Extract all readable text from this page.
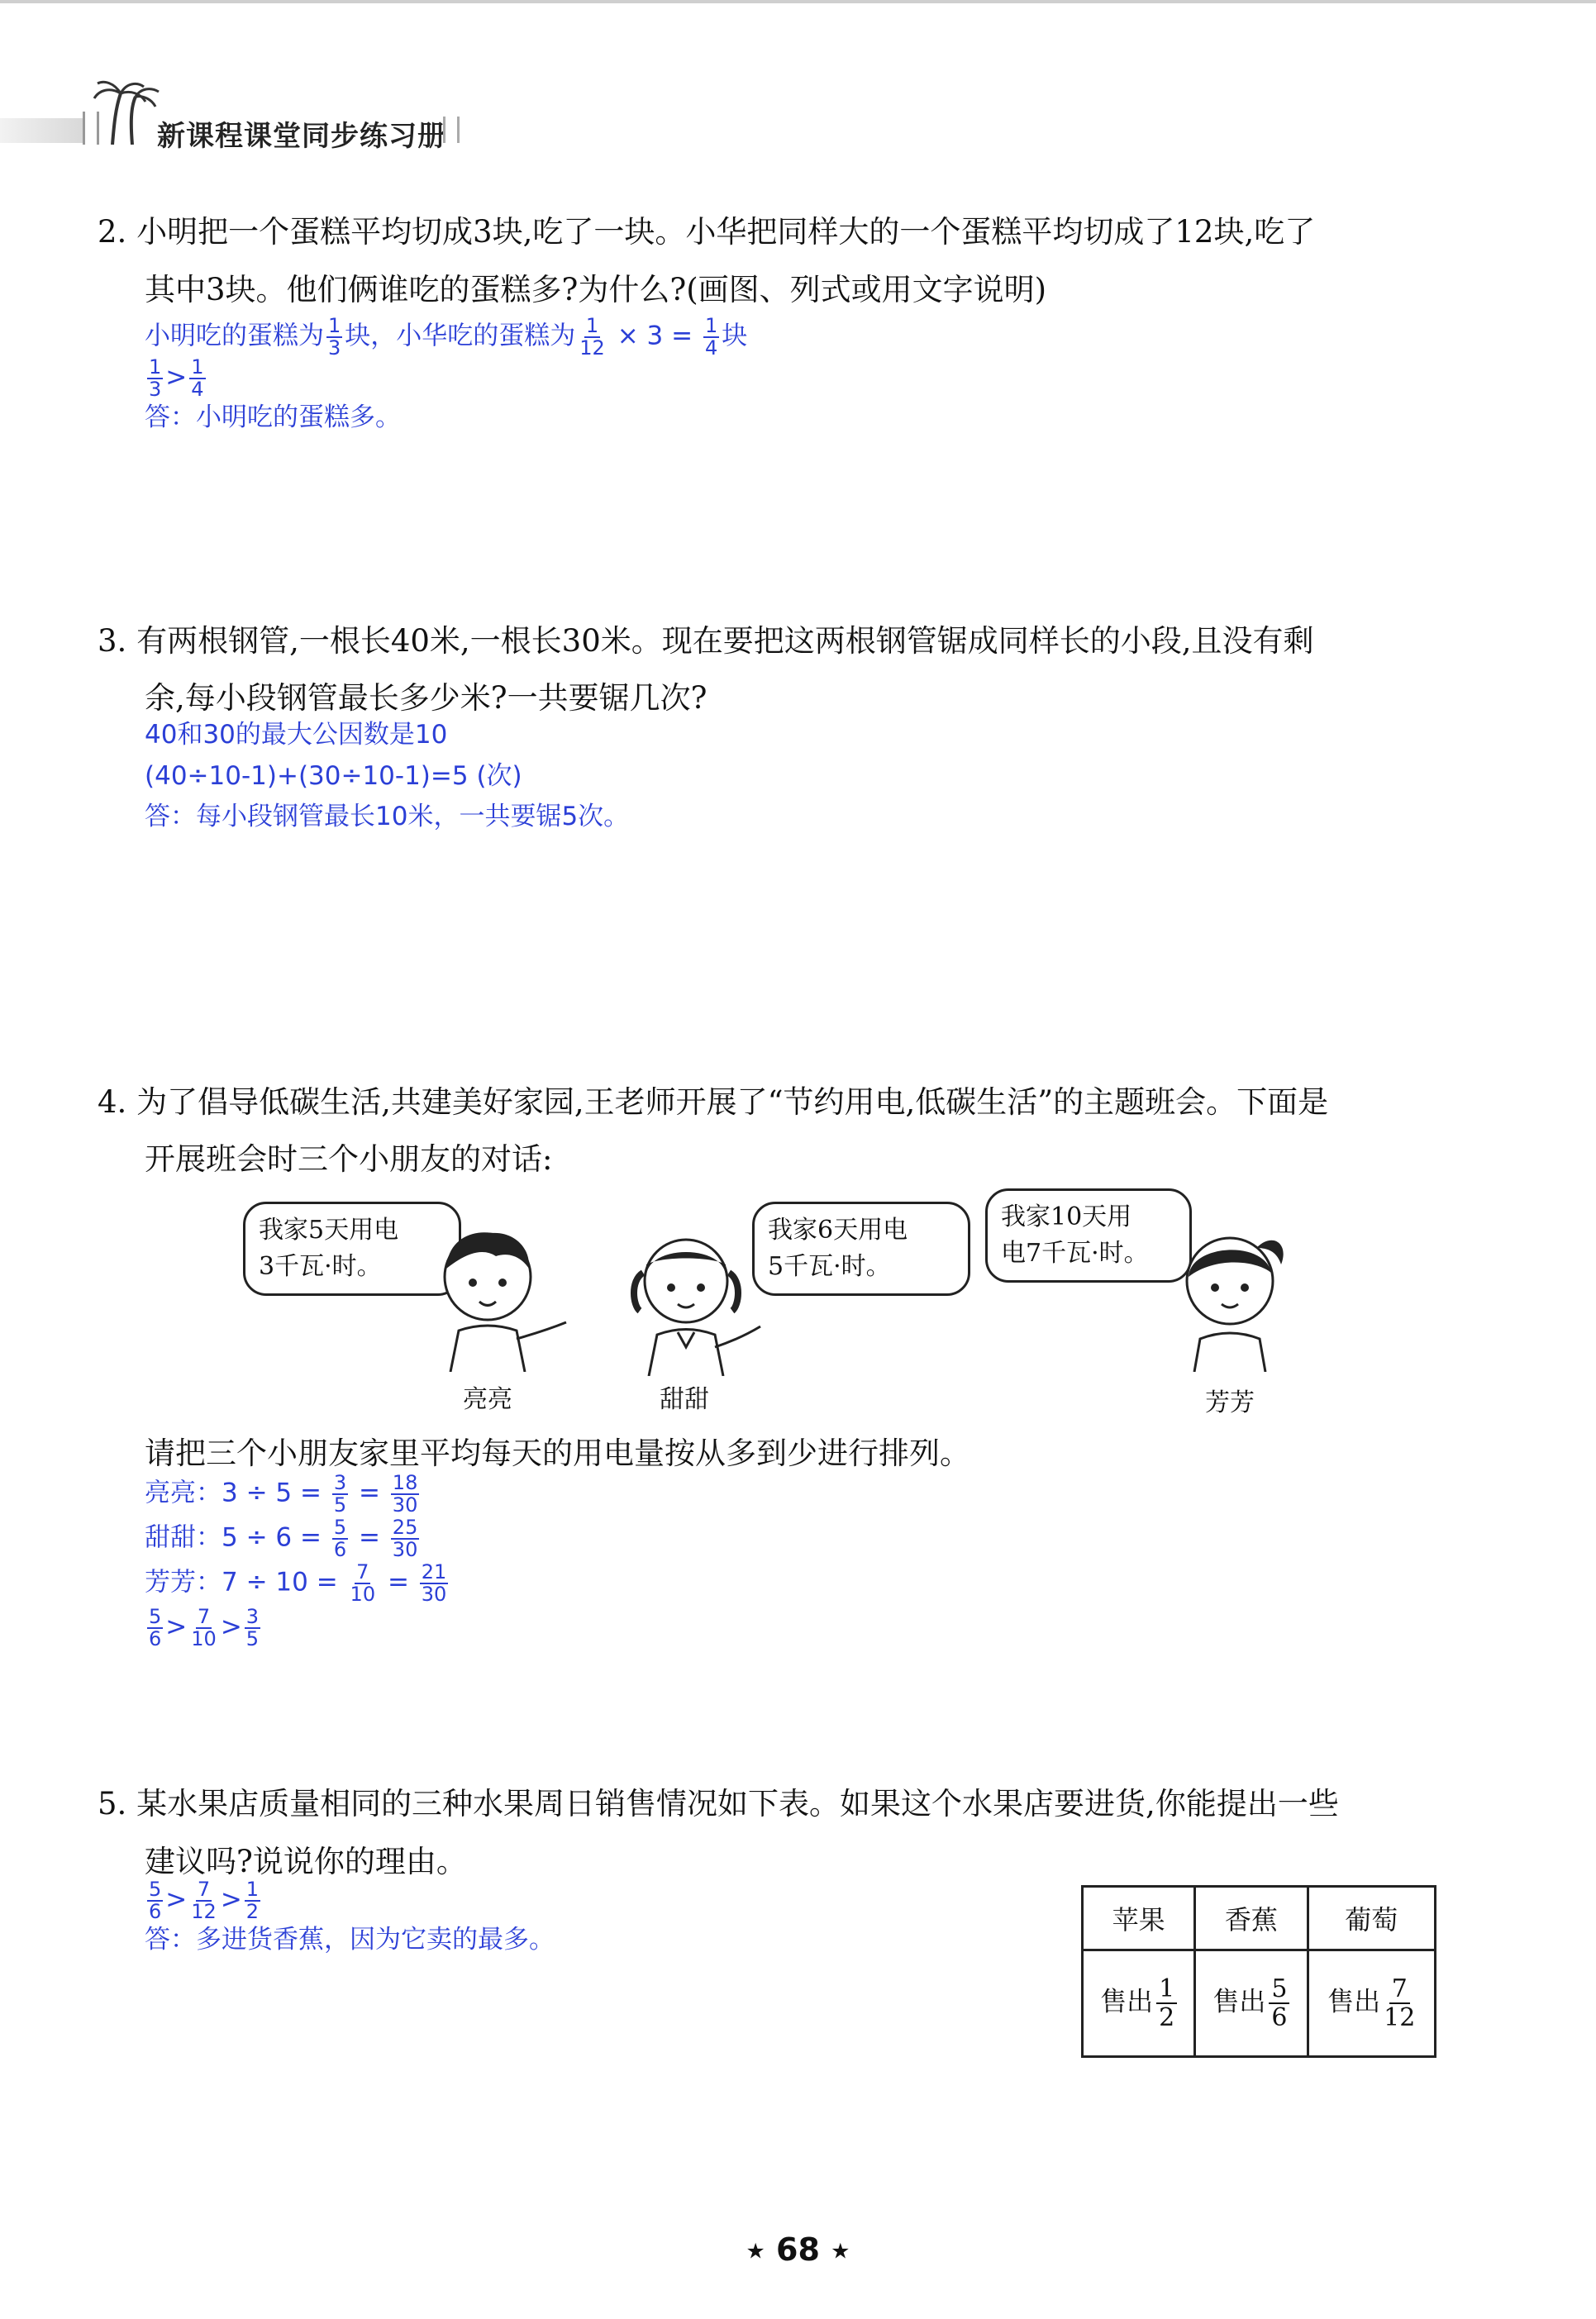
新课程课堂同步练习册
2. 小明把一个蛋糕平均切成3块,吃了一块。小华把同样大的一个蛋糕平均切成了12块,吃了
其中3块。他们俩谁吃的蛋糕多?为什么?(画图、列式或用文字说明)
小明吃的蛋糕为 $\frac{1}{3}$ 块，小华吃的蛋糕为 $\frac{1}{12} \times 3 = \frac{1}{4}$ 块
$\frac{1}{3} > \frac{1}{4}$
答：小明吃的蛋糕多。
3. 有两根钢管,一根长40米,一根长30米。现在要把这两根钢管锯成同样长的小段,且没有剩
余,每小段钢管最长多少米?一共要锯几次?
40和30的最大公因数是10
(40÷10-1)+(30÷10-1)=5 (次)
答：每小段钢管最长10米，一共要锯5次。
4. 为了倡导低碳生活,共建美好家园,王老师开展了“节约用电,低碳生活”的主题班会。下面是
开展班会时三个小朋友的对话:
我家5天用电
3千瓦·时。
我家6天用电
5千瓦·时。
我家10天用
电7千瓦·时。
亮亮	甜甜	芳芳
请把三个小朋友家里平均每天的用电量按从多到少进行排列。
亮亮：$3 \div 5 = \frac{3}{5} = \frac{18}{30}$
甜甜：$5 \div 6 = \frac{5}{6} = \frac{25}{30}$
芳芳：$7 \div 10 = \frac{7}{10} = \frac{21}{30}$
$\frac{5}{6} > \frac{7}{10} > \frac{3}{5}$
5. 某水果店质量相同的三种水果周日销售情况如下表。如果这个水果店要进货,你能提出一些
建议吗?说说你的理由。
$\frac{5}{6} > \frac{7}{12} > \frac{1}{2}$
答：多进货香蕉，因为它卖的最多。
苹果	香蕉	葡萄
售出 $\frac{1}{2}$	售出 $\frac{5}{6}$	售出 $\frac{7}{12}$
★ 68 ★
